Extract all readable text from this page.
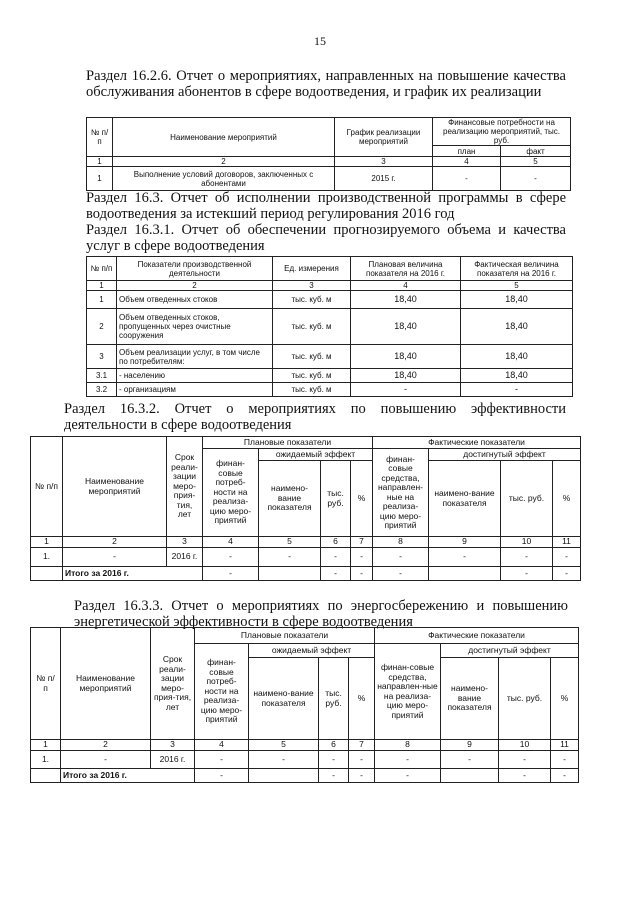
15
Раздел 16.2.6. Отчет о мероприятиях, направленных на повышение качества обслуживания абонентов в сфере водоотведения, и график их реализации
№ п/п	Наименование мероприятий	График реализации мероприятий	Финансовые потребности на реализацию мероприятий, тыс. руб.	
			план	факт
1	2	3	4	5
1	Выполнение условий договоров, заключенных с абонентами	2015 г.	-	-
Раздел 16.3. Отчет об исполнении производственной программы в сфере водоотведения за истекший период регулирования 2016 год
Раздел 16.3.1. Отчет об обеспечении прогнозируемого объема и качества услуг в сфере водоотведения
№ п/п	Показатели производственной деятельности	Ед. измерения	Плановая величина показателя на 2016 г.	Фактическая величина показателя на 2016 г.
1	2	3	4	5
1	Объем отведенных стоков	тыс. куб. м	18,40	18,40
2	Объем отведенных стоков, пропущенных через очистные сооружения	тыс. куб. м	18,40	18,40
3	Объем реализации услуг, в том числе по потребителям:	тыс. куб. м	18,40	18,40
3.1	- населению	тыс. куб. м	18,40	18,40
3.2	- организациям	тыс. куб. м	-	-
Раздел 16.3.2. Отчет о мероприятиях по повышению эффективности деятельности в сфере водоотведения
№ п/п	Наименование мероприятий	Срок реали-зации меро-прия-тия, лет	Плановые показатели				Фактические показатели			
			финан-совые потреб-ности на реализа-цию меро-приятий	ожидаемый эффект			финан-совые средства, направлен-ные на реализа-цию меро-приятий	достигнутый эффект		
				наимено-вание показателя	тыс. руб.	%		наимено-вание показателя	тыс. руб.	%
1	2	3	4	5	6	7	8	9	10	11
1.	-	2016 г.	-	-	-	-	-	-	-	-
	Итого за 2016 г.		-		-	-	-		-	-
Раздел 16.3.3. Отчет о мероприятиях по энергосбережению и повышению энергетической эффективности в сфере водоотведения
№ п/ п	Наименование мероприятий	Срок реали-зации меро-прия-тия, лет	Плановые показатели				Фактические показатели			
			финан-совые потреб-ности на реализа-цию меро-приятий	ожидаемый эффект			финан-совые средства, направлен-ные на реализа-цию меро-приятий	достигнутый эффект		
				наимено-вание показателя	тыс. руб.	%		наимено-вание показателя	тыс. руб.	%
1	2	3	4	5	6	7	8	9	10	11
1.	-	2016 г.	-	-	-	-	-	-	-	-
	Итого за 2016 г.		-		-	-	-		-	-
